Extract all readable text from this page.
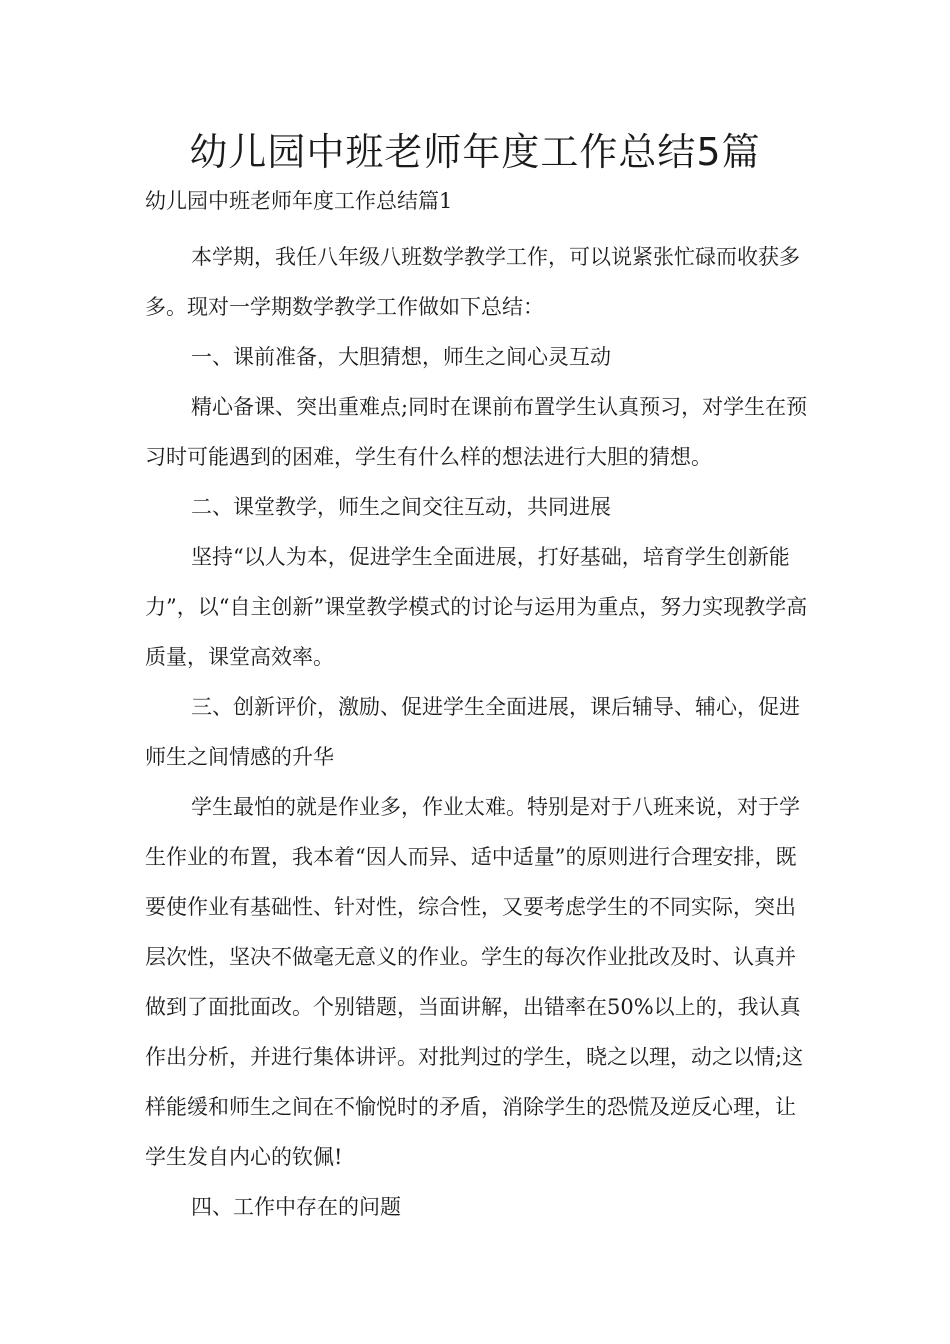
幼儿园中班老师年度工作总结5篇

幼儿园中班老师年度工作总结篇1

本学期，我任八年级八班数学教学工作，可以说紧张忙碌而收获多多。现对一学期数学教学工作做如下总结：

一、课前准备，大胆猜想，师生之间心灵互动

精心备课、突出重难点;同时在课前布置学生认真预习，对学生在预习时可能遇到的困难，学生有什么样的想法进行大胆的猜想。

二、课堂教学，师生之间交往互动，共同进展

坚持“以人为本，促进学生全面进展，打好基础，培育学生创新能力”，以“自主创新”课堂教学模式的讨论与运用为重点，努力实现教学高质量，课堂高效率。

三、创新评价，激励、促进学生全面进展，课后辅导、辅心，促进师生之间情感的升华

学生最怕的就是作业多，作业太难。特别是对于八班来说，对于学生作业的布置，我本着“因人而异、适中适量”的原则进行合理安排，既要使作业有基础性、针对性，综合性，又要考虑学生的不同实际，突出层次性，坚决不做毫无意义的作业。学生的每次作业批改及时、认真并做到了面批面改。个别错题，当面讲解，出错率在50%以上的，我认真作出分析，并进行集体讲评。对批判过的学生，晓之以理，动之以情;这样能缓和师生之间在不愉悦时的矛盾，消除学生的恐慌及逆反心理，让学生发自内心的钦佩!

四、工作中存在的问题
